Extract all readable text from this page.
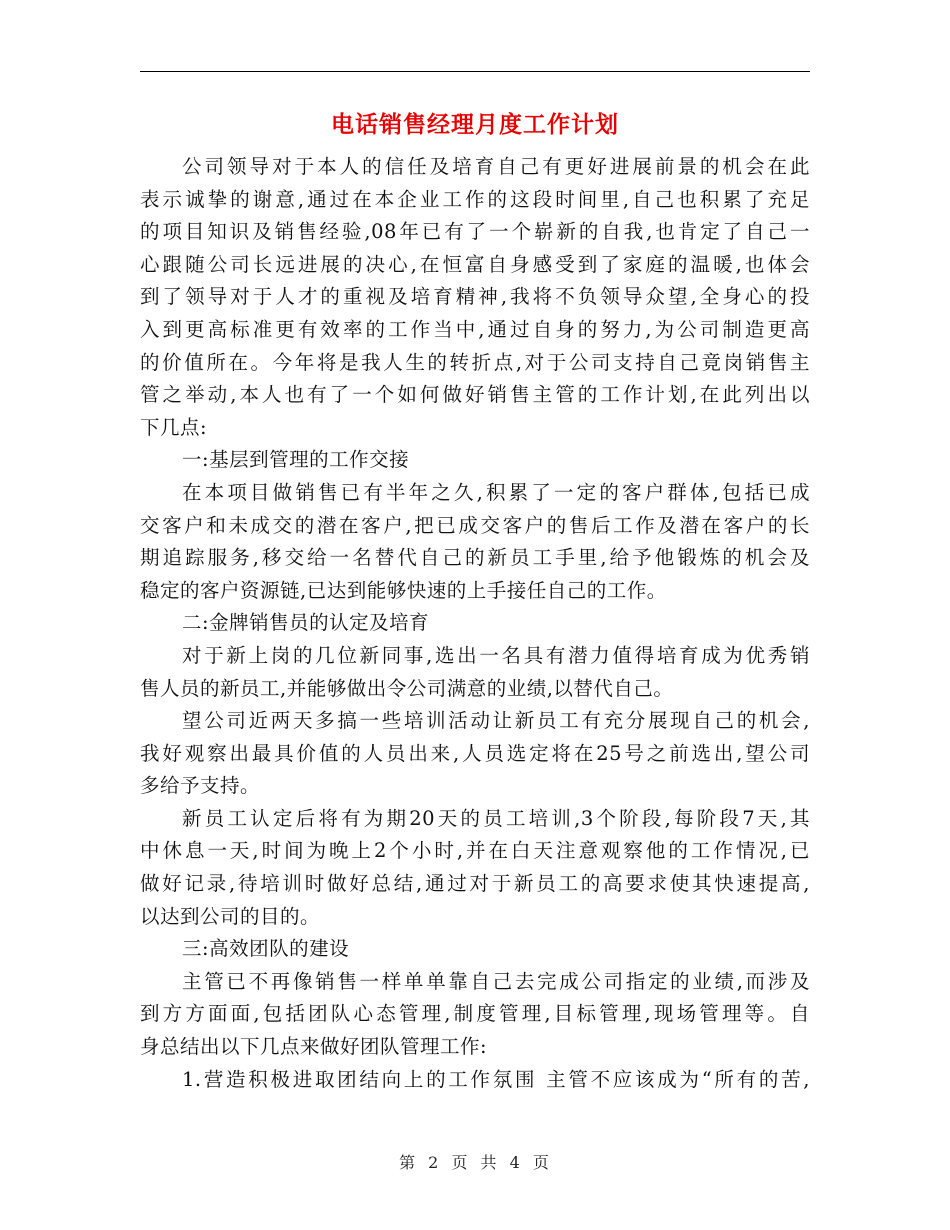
电话销售经理月度工作计划
公司领导对于本人的信任及培育自己有更好进展前景的机会在此
表示诚挚的谢意,通过在本企业工作的这段时间里,自己也积累了充足
的项目知识及销售经验,08年已有了一个崭新的自我,也肯定了自己一
心跟随公司长远进展的决心,在恒富自身感受到了家庭的温暖,也体会
到了领导对于人才的重视及培育精神,我将不负领导众望,全身心的投
入到更高标准更有效率的工作当中,通过自身的努力,为公司制造更高
的价值所在。今年将是我人生的转折点,对于公司支持自己竟岗销售主
管之举动,本人也有了一个如何做好销售主管的工作计划,在此列出以
下几点:
一:基层到管理的工作交接
在本项目做销售已有半年之久,积累了一定的客户群体,包括已成
交客户和未成交的潜在客户,把已成交客户的售后工作及潜在客户的长
期追踪服务,移交给一名替代自己的新员工手里,给予他锻炼的机会及
稳定的客户资源链,已达到能够快速的上手接任自己的工作。
二:金牌销售员的认定及培育
对于新上岗的几位新同事,选出一名具有潜力值得培育成为优秀销
售人员的新员工,并能够做出令公司满意的业绩,以替代自己。
望公司近两天多搞一些培训活动让新员工有充分展现自己的机会,
我好观察出最具价值的人员出来,人员选定将在25号之前选出,望公司
多给予支持。
新员工认定后将有为期20天的员工培训,3个阶段,每阶段7天,其
中休息一天,时间为晚上2个小时,并在白天注意观察他的工作情况,已
做好记录,待培训时做好总结,通过对于新员工的高要求使其快速提高,
以达到公司的目的。
三:高效团队的建设
主管已不再像销售一样单单靠自己去完成公司指定的业绩,而涉及
到方方面面,包括团队心态管理,制度管理,目标管理,现场管理等。自
身总结出以下几点来做好团队管理工作:
1.营造积极进取团结向上的工作氛围 主管不应该成为“所有的苦,
第 2 页 共 4 页
